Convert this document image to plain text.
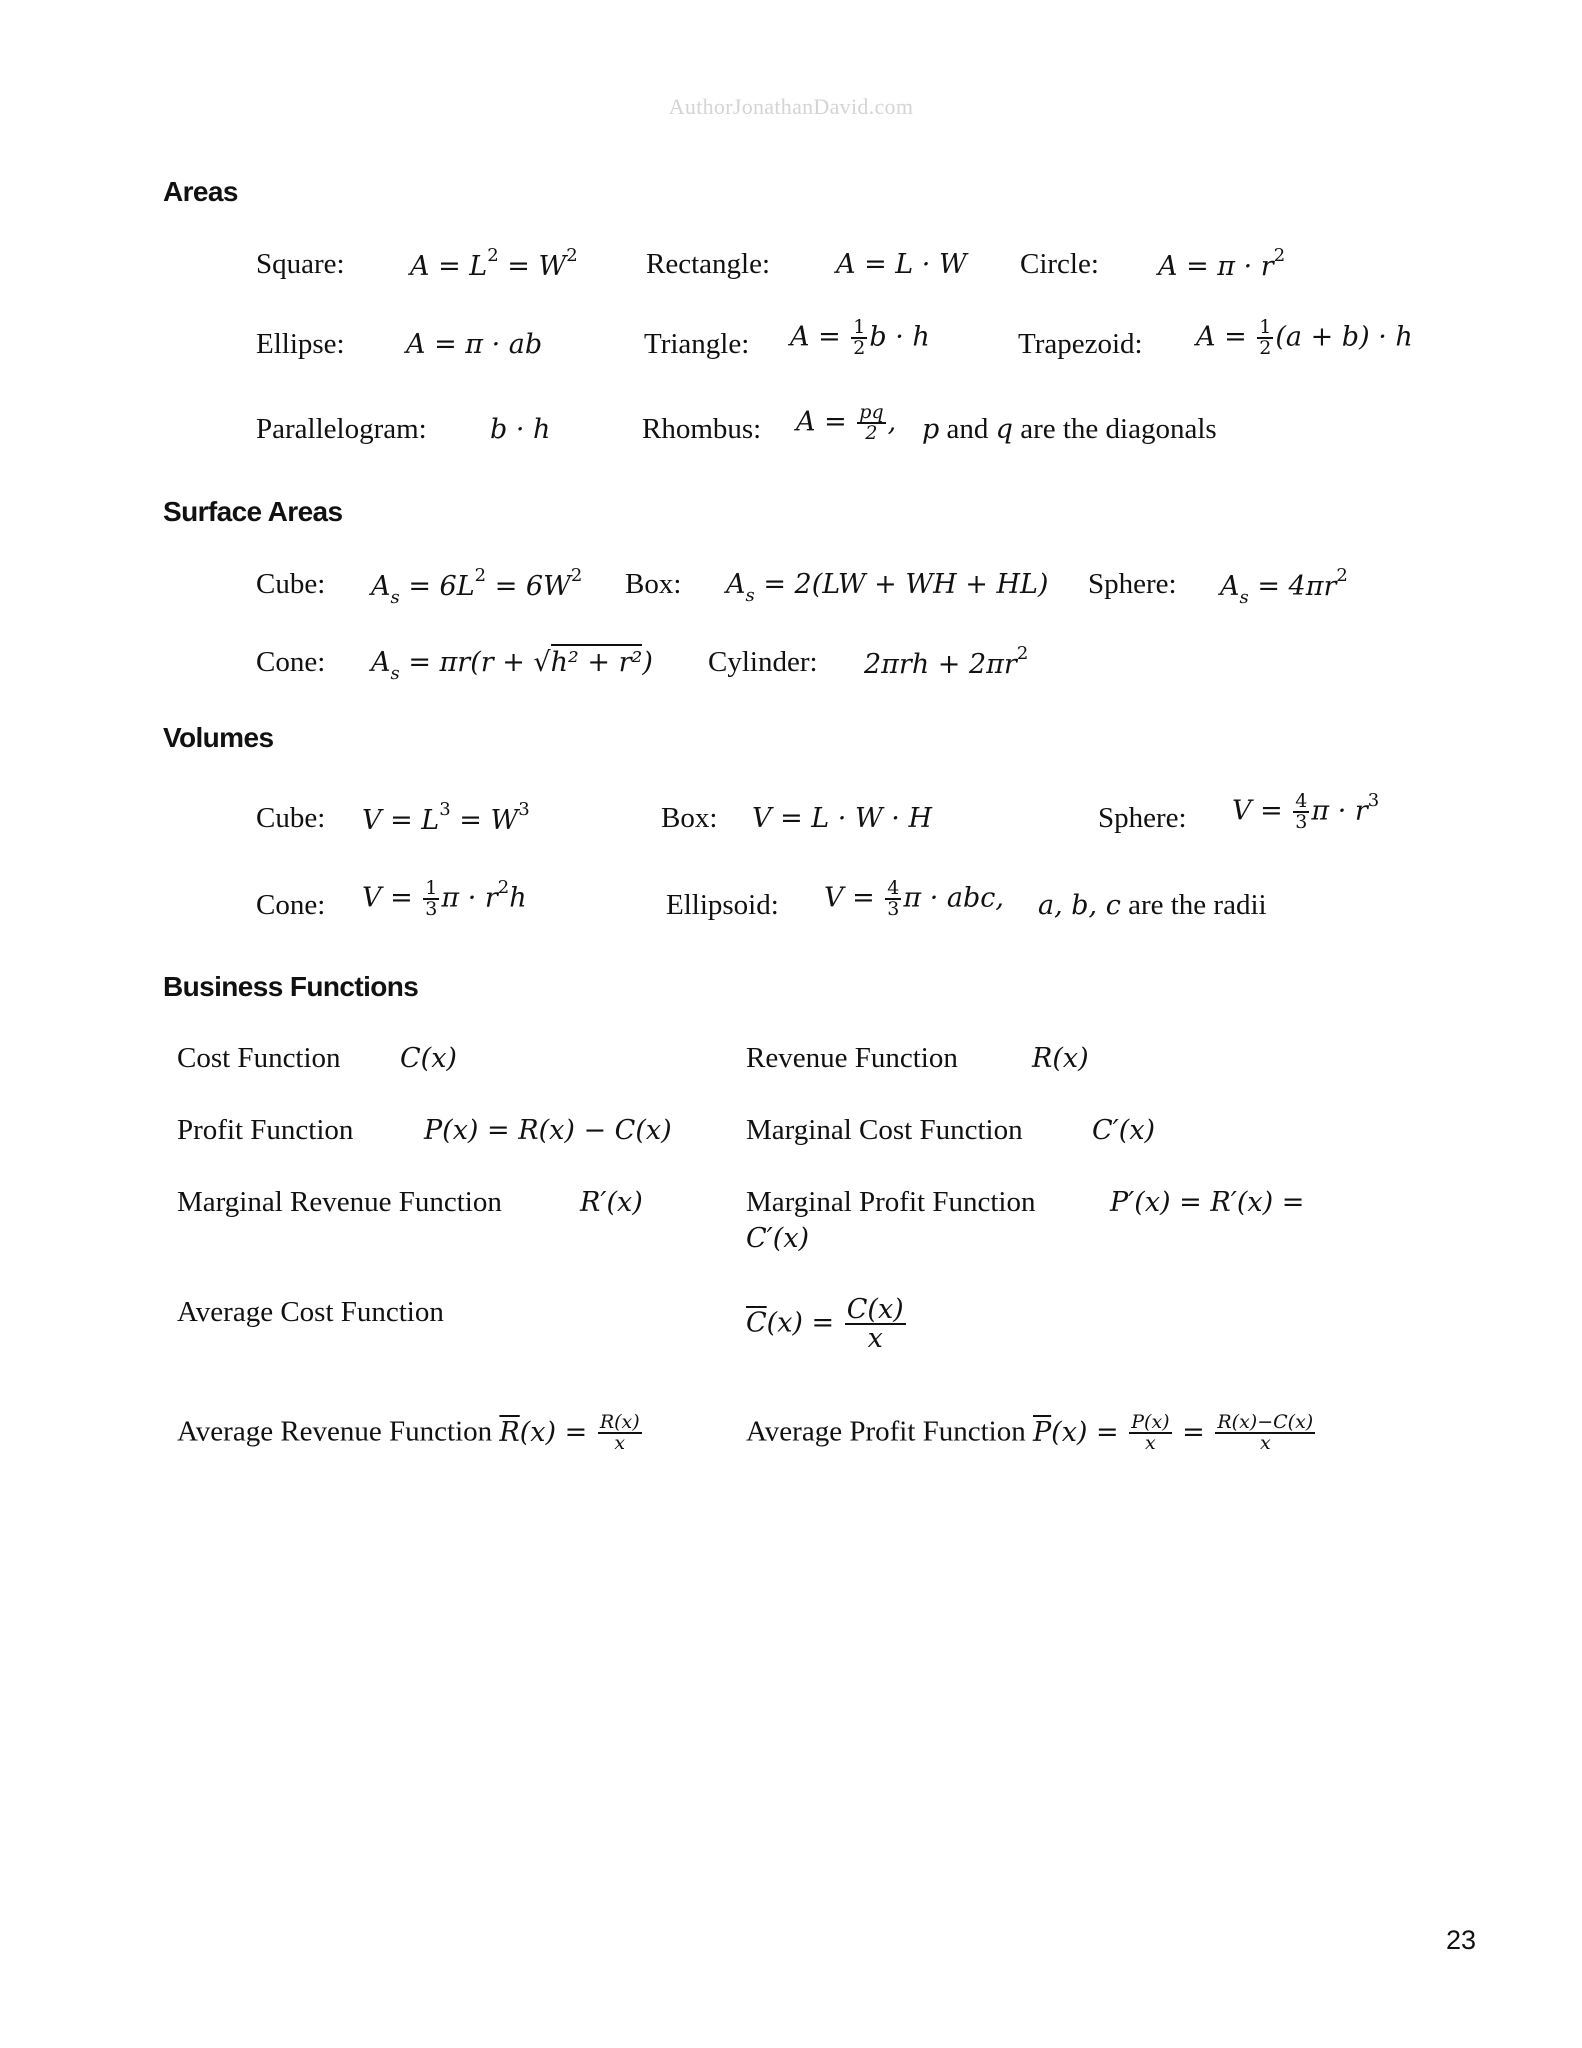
AuthorJonathanDavid.com
Areas
Square: $A = L^2 = W^2$ Rectangle: A = L · W Circle: $A = \pi \cdot r^2$
Ellipse: A = π · ab	Triangle: $A = \frac{1}{2}$ b · h	Trapezoid: $A = \frac{1}{2} (a + b) \cdot h$
Parallelogram: b · h	Rhombus: $A = \frac{pq}{2}$ , p and q are the diagonals
Surface Areas
Cube: $A_s = 6L^2 = 6W^2$ Box: $A_s = 2(LW$ + WH + HL) Sphere: $A_s = 4\pi r^2$
Cone: $A_s = \pi r(r + √h^2 + r^2)$ Cylinder: $2\pi rh + 2\pi r^2$
Volumes
Cube: $V = L^3 = W^3$	Box: V = L · W · H	Sphere: $V = \frac{4}{3}$ $\pi \cdot r^3$
Cone: $V = \frac{1}{3}$ $\pi \cdot r^2h$	Ellipsoid: $V = \frac{4}{3}$ π · abc, a, b, c are the radii
Business Functions
Cost Function C(x)	Revenue Function	R(x)
Profit Function	P(x) = R(x) − C(x)	Marginal Cost Function	C′(x)
Marginal Revenue Function	R′(x)	Marginal Profit Function	P′(x) = R′(x) =
C′(x)
Average Cost Function	$\overline{C}(x) = \frac{C(x)}{x}$
Average Revenue Function $\overline{R}(x) = \frac{R(x)}{x}$	Average Profit Function $\overline{P}(x) = \frac{P(x)}{x} = \frac{R(x)-C(x)}{x}$
23
